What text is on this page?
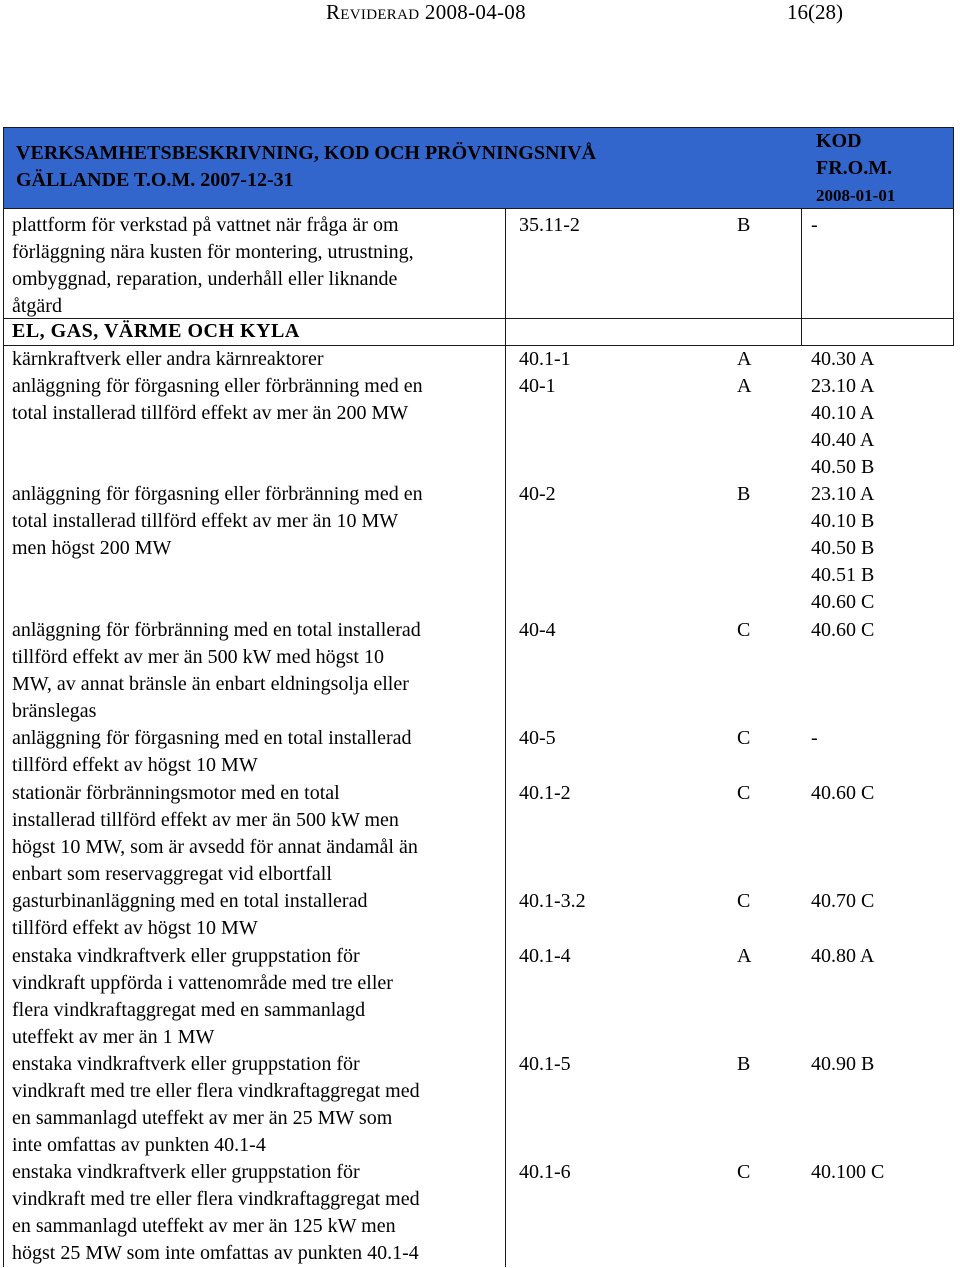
Reviderad 2008-04-08	16(28)
VERKSAMHETSBESKRIVNING, KOD OCH PRÖVNINGSNIVÅ
GÄLLANDE T.O.M. 2007-12-31
KOD
FR.O.M.
2008-01-01
plattform för verkstad på vattnet när fråga är om
förläggning nära kusten för montering, utrustning,
ombyggnad, reparation, underhåll eller liknande
åtgärd
35.11-2	B	-
EL, GAS, VÄRME OCH KYLA
kärnkraftverk eller andra kärnreaktorer	40.1-1	A	40.30 A
anläggning för förgasning eller förbränning med en
total installerad tillförd effekt av mer än 200 MW
40-1	A	23.10 A
40.10 A
40.40 A
40.50 B
anläggning för förgasning eller förbränning med en
total installerad tillförd effekt av mer än 10 MW
men högst 200 MW
40-2	B	23.10 A
40.10 B
40.50 B
40.51 B
40.60 C
anläggning för förbränning med en total installerad
tillförd effekt av mer än 500 kW med högst 10
MW, av annat bränsle än enbart eldningsolja eller
bränslegas
40-4	C	40.60 C
anläggning för förgasning med en total installerad
tillförd effekt av högst 10 MW
40-5	C	-
stationär förbränningsmotor med en total
installerad tillförd effekt av mer än 500 kW men
högst 10 MW, som är avsedd för annat ändamål än
enbart som reservaggregat vid elbortfall
40.1-2	C	40.60 C
gasturbinanläggning med en total installerad
tillförd effekt av högst 10 MW
40.1-3.2	C	40.70 C
enstaka vindkraftverk eller gruppstation för
vindkraft uppförda i vattenområde med tre eller
flera vindkraftaggregat med en sammanlagd
uteffekt av mer än 1 MW
40.1-4	A	40.80 A
enstaka vindkraftverk eller gruppstation för
vindkraft med tre eller flera vindkraftaggregat med
en sammanlagd uteffekt av mer än 25 MW som
inte omfattas av punkten 40.1-4
40.1-5	B	40.90 B
enstaka vindkraftverk eller gruppstation för
vindkraft med tre eller flera vindkraftaggregat med
en sammanlagd uteffekt av mer än 125 kW men
högst 25 MW som inte omfattas av punkten 40.1-4
40.1-6	C	40.100 C
